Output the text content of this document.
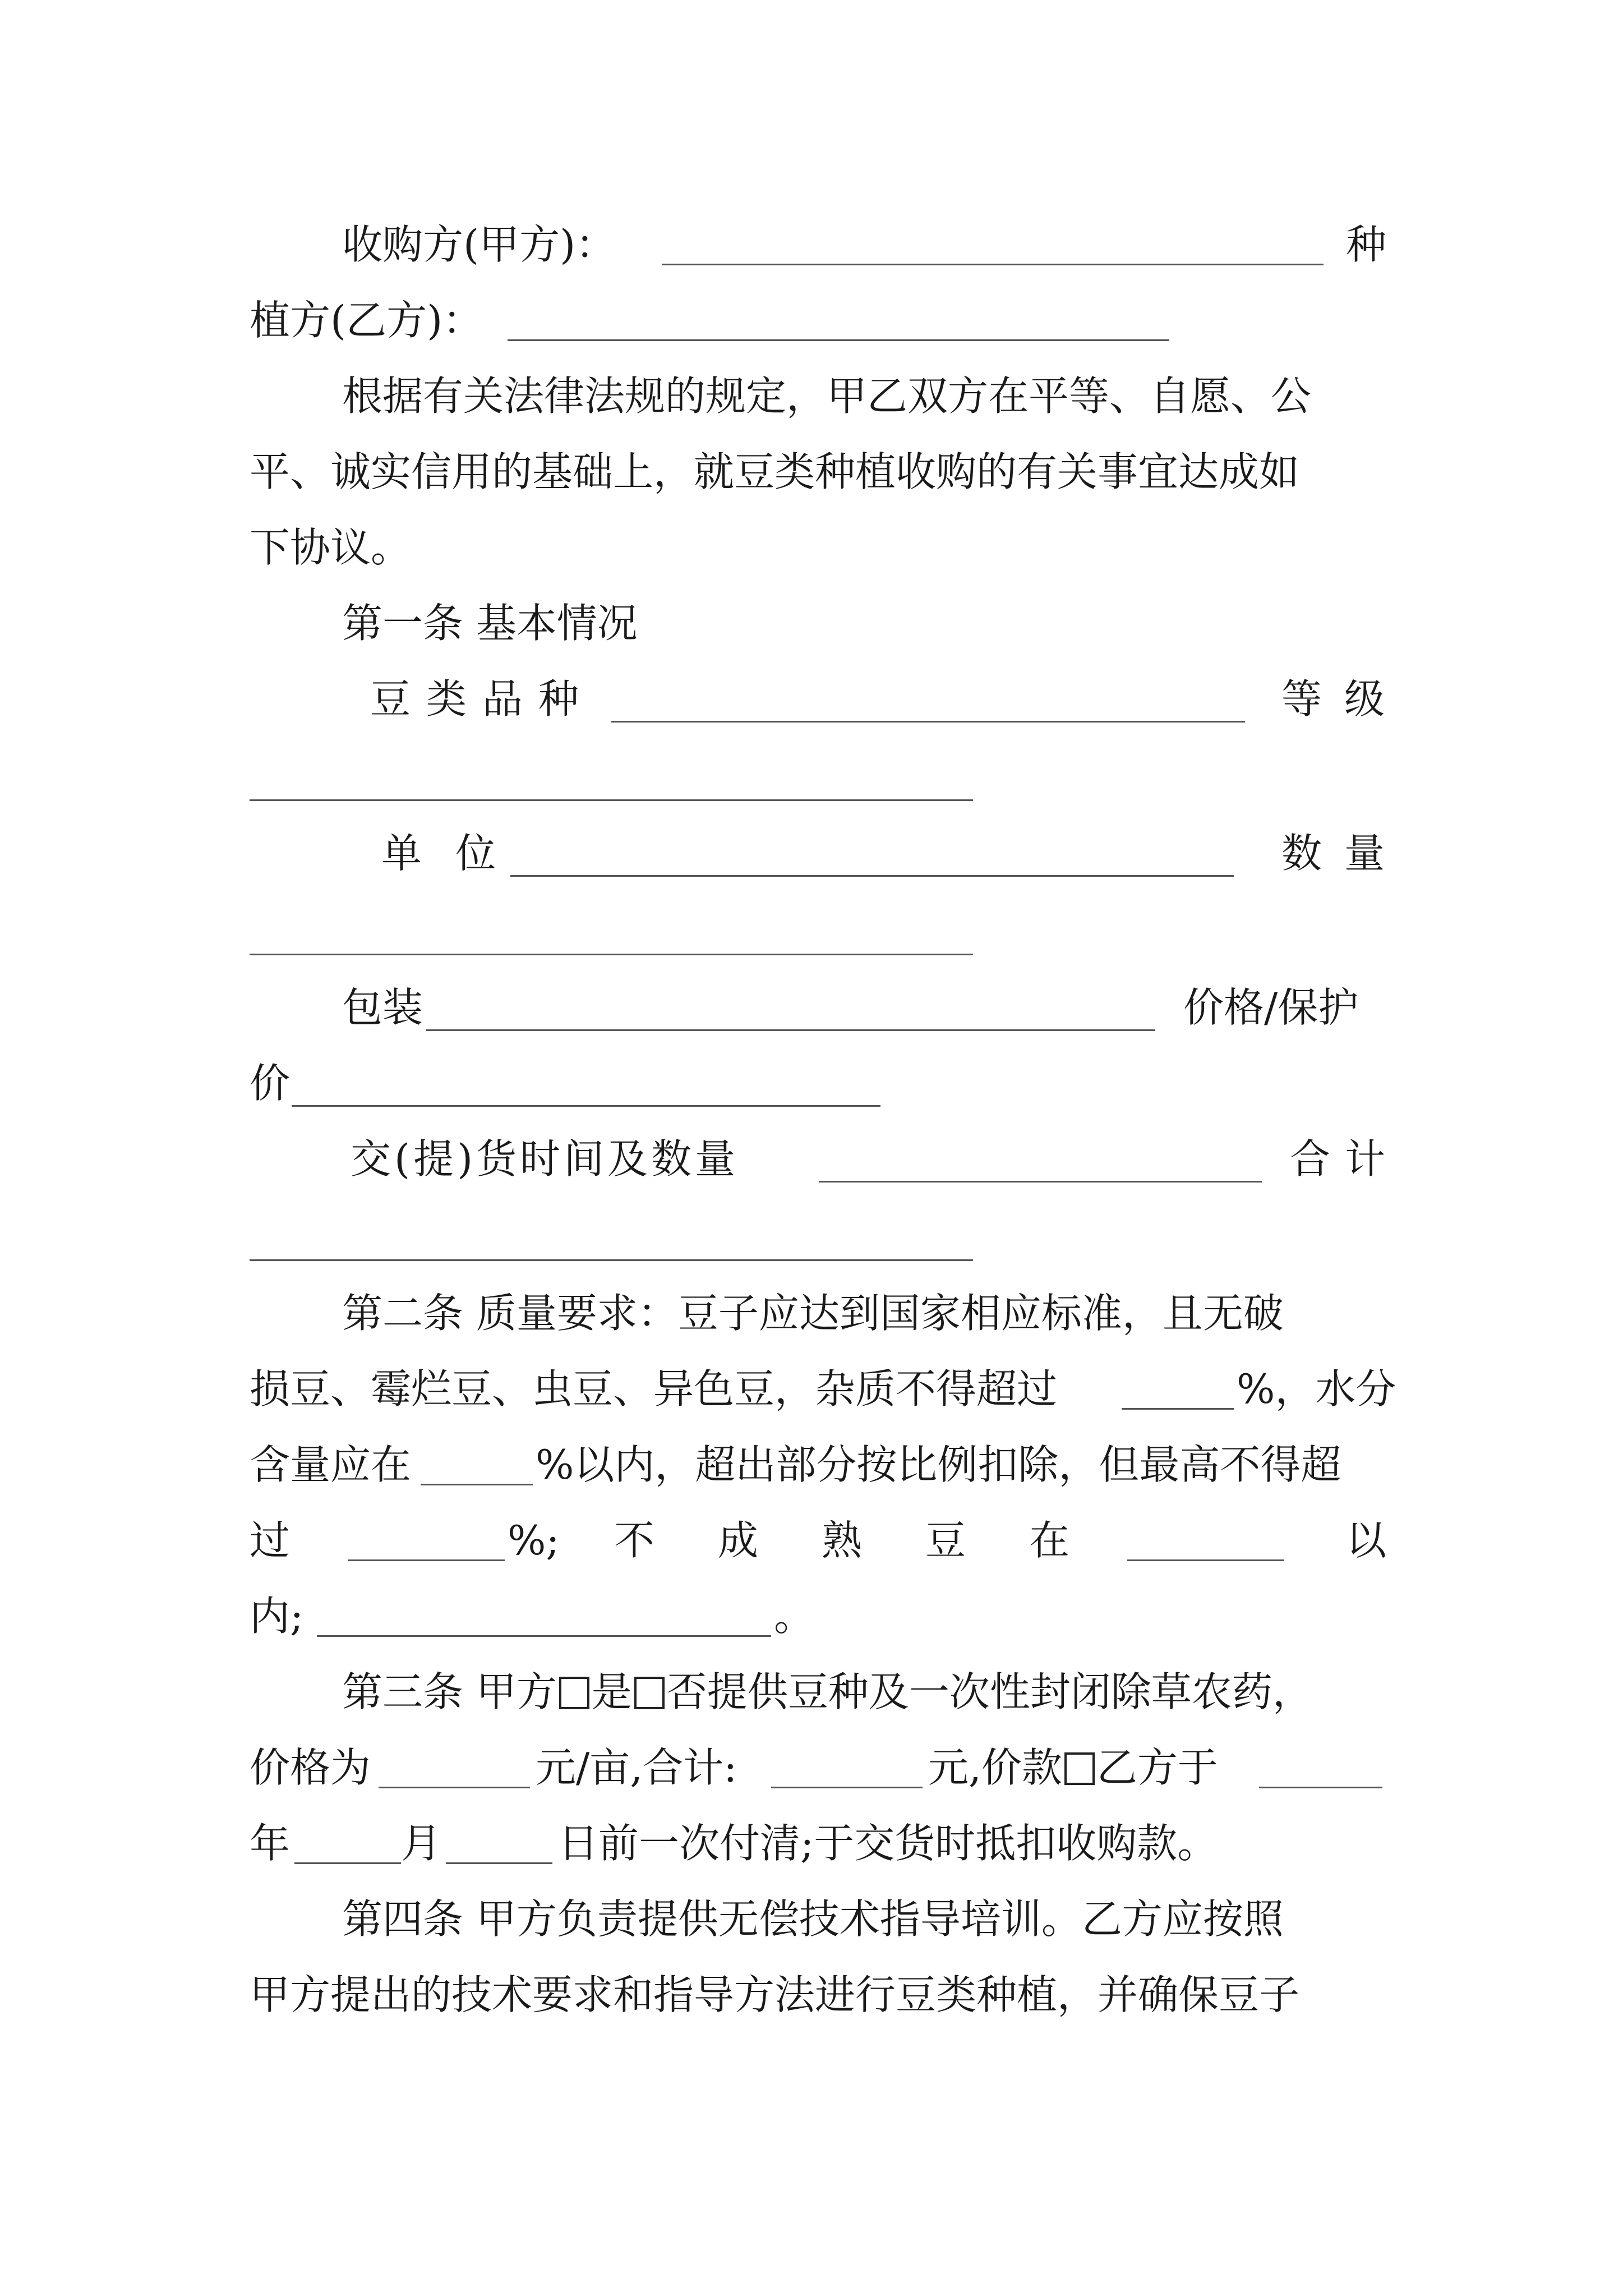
收购方(甲方)：	种
植方(乙方)：
根据有关法律法规的规定，甲乙双方在平等、自愿、公
平、诚实信用的基础上，就豆类种植收购的有关事宜达成如
下协议。
第一条 基本情况
豆类品种	等级
单位	数量
包装	价格/保护
价
交(提)货时间及数量	合计
第二条 质量要求：豆子应达到国家相应标准，且无破
损豆、霉烂豆、虫豆、异色豆，杂质不得超过	%，水分
含量应在	%以内，超出部分按比例扣除，但最高不得超
过	%; 不 成 熟 豆 在	以
内;	。
第三条 甲方 是 否提供豆种及一次性封闭除草农药，
价格为	元/亩,合计:	元,价款 乙方于
年	月	日前一次付清;于交货时抵扣收购款。
第四条 甲方负责提供无偿技术指导培训。乙方应按照
甲方提出的技术要求和指导方法进行豆类种植，并确保豆子
